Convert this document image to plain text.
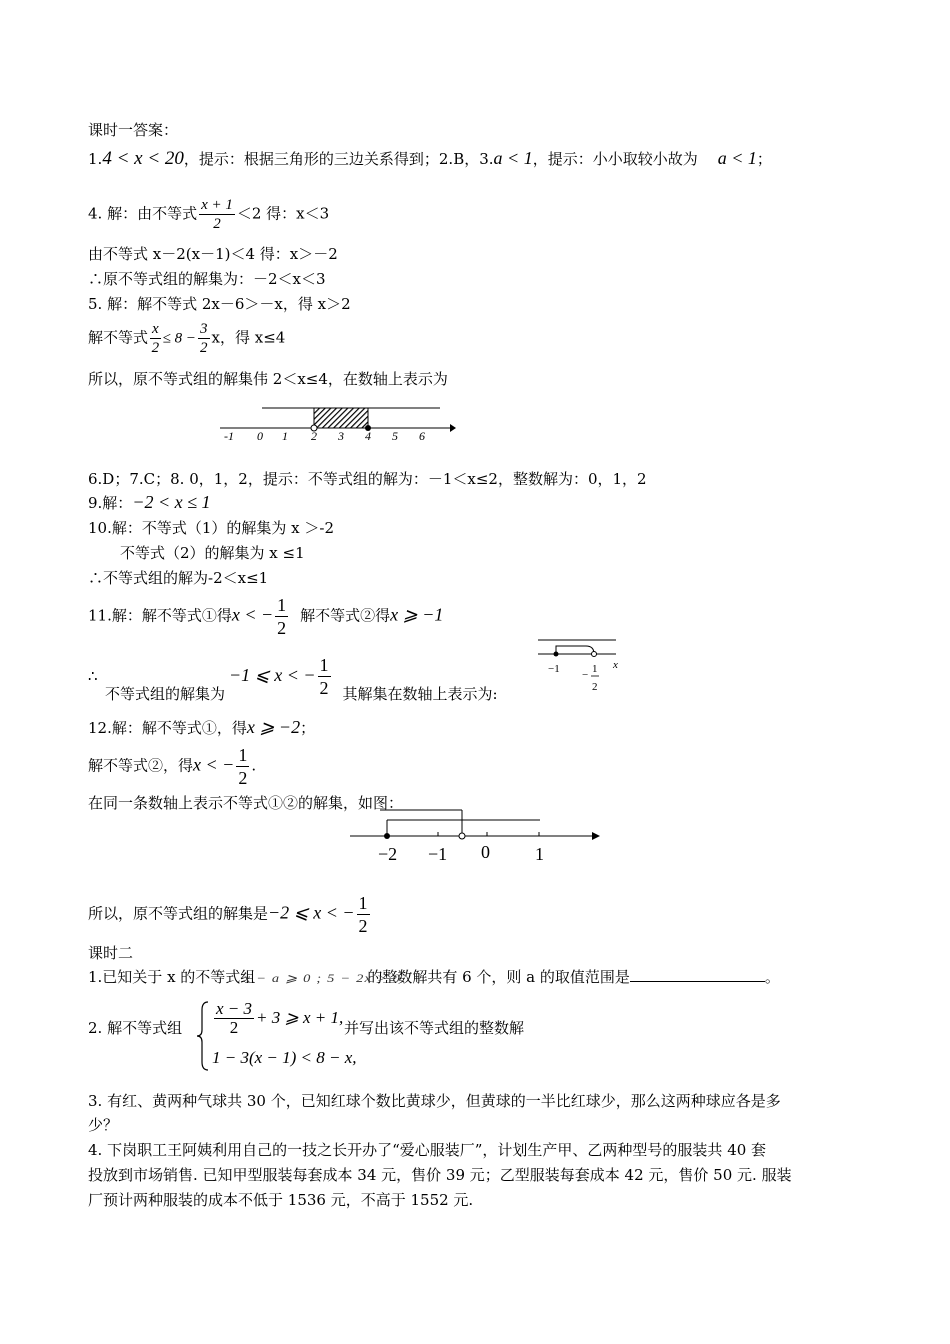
课时一答案：
1.4 < x < 20，提示：根据三角形的三边关系得到；2.B，3.a < 1，提示：小小取较小故为 a < 1；
4. 解：由不等式 $\frac{x + 1}{2} <2$ 得：x＜3
由不等式 x－2(x－1)＜4 得：x＞－2
∴原不等式组的解集为：－2＜x＜3
5. 解：解不等式 2x－6＞－x，得 x＞2
解不等式 $\frac{x}{2} \le 8 - \frac{3}{2}$ x，得 x≤4
所以，原不等式组的解集伟 2＜x≤4，在数轴上表示为
-1 0 1 2 3 4 5 6
6.D；7.C；8. 0，1，2，提示：不等式组的解为：－1＜x≤2，整数解为：0，1，2
9.解：−2 < x ≤ 1
10.解：不等式（1）的解集为 x ＞-2
不等式（2）的解集为 x ≤1
∴不等式组的解为-2＜x≤1
11.解：解不等式①得x < − $\frac{1}{2}$ 解不等式②得x ⩾ −1
∴
不等式组的解集为−1 ⩽ x < − $\frac{1}{2}$ 其解集在数轴上表示为:
−1 − 1
2
x
12.解：解不等式①，得x ⩾ −2；
解不等式②，得x < − $\frac{1}{2}$ .
在同一条数轴上表示不等式①②的解集，如图：
−2 −1 0	1
所以，原不等式组的解集是−2 ⩽ x < − $\frac{1}{2}$
课时二
1.已知关于 x 的不等式组x − a ⩾ 0 ; 5 − 2x > 0的整数解共有 6 个，则 a 的取值范围是	。
2. 解不等式组 $\frac{x - 3}{2} + 3$ ⩾ x + 1,
1 − 3(x − 1) < 8 − x,
并写出该不等式组的整数解
3. 有红、黄两种气球共 30 个，已知红球个数比黄球少，但黄球的一半比红球少，那么这两种球应各是多
少？
4. 下岗职工王阿姨利用自己的一技之长开办了“爱心服装厂”，计划生产甲、乙两种型号的服装共 40 套
投放到市场销售. 已知甲型服装每套成本 34 元，售价 39 元；乙型服装每套成本 42 元，售价 50 元. 服装
厂预计两种服装的成本不低于 1536 元，不高于 1552 元.
